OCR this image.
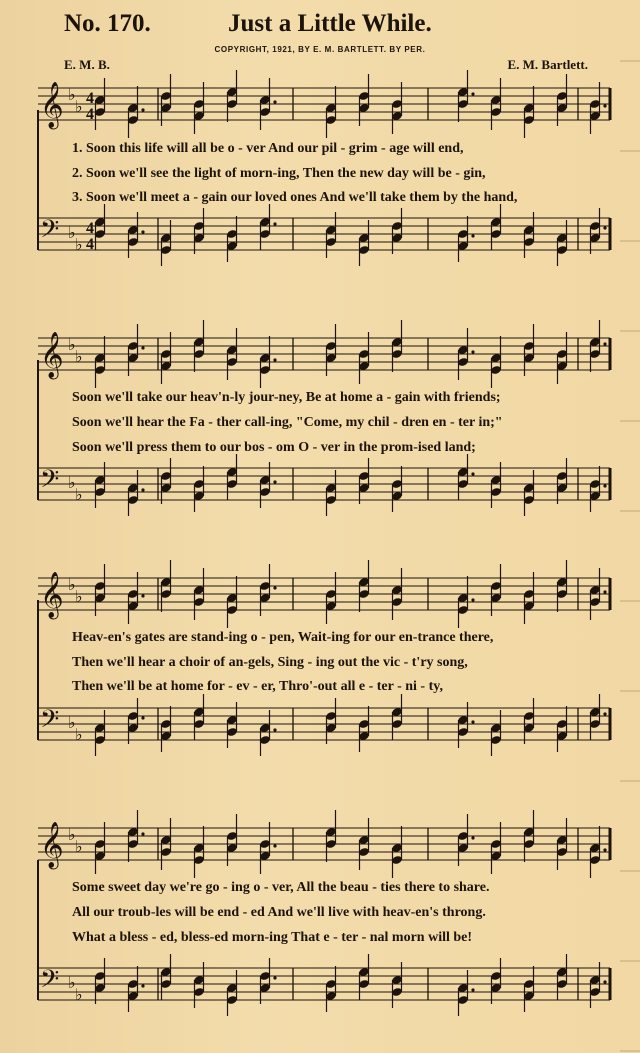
No. 170.	Just a Little While.
COPYRIGHT, 1921, BY E. M. BARTLETT. BY PER.
E. M. B.	E. M. Bartlett.
𝄞 ♭
♭ 4
4
𝄢 ♭
♭
4
4
𝄞 ♭
♭
𝄢 ♭
♭
𝄞 ♭
♭
𝄢 ♭
♭
𝄞 ♭
♭
𝄢 ♭
♭
1. Soon this life will all be o - ver And our pil - grim - age will end,
2. Soon we'll see the light of morn-ing, Then the new day will be - gin,
3. Soon we'll meet a - gain our loved ones And we'll take them by the hand,
Soon we'll take our heav'n-ly jour-ney, Be at home a - gain with friends;
Soon we'll hear the Fa - ther call-ing, "Come, my chil - dren en - ter in;"
Soon we'll press them to our bos - om O - ver in the prom-ised land;
Heav-en's gates are stand-ing o - pen, Wait-ing for our en-trance there,
Then we'll hear a choir of an-gels, Sing - ing out the vic - t'ry song,
Then we'll be at home for - ev - er, Thro'-out all e - ter - ni - ty,
Some sweet day we're go - ing o - ver, All the beau - ties there to share.
All our troub-les will be end - ed And we'll live with heav-en's throng.
What a bless - ed, bless-ed morn-ing That e - ter - nal morn will be!
